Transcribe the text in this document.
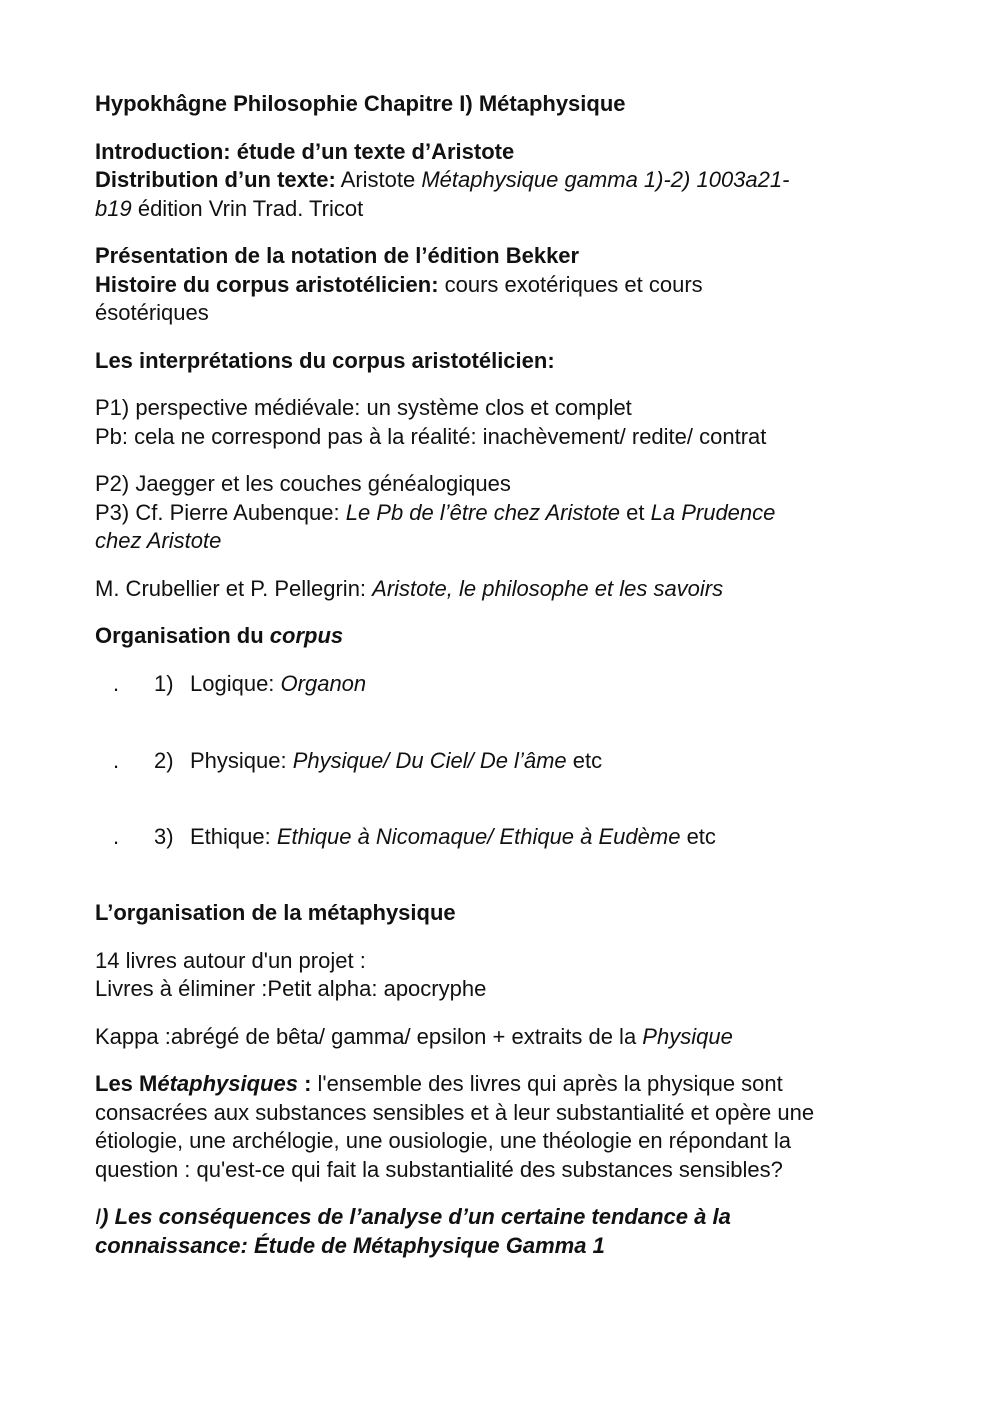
Hypokhâgne Philosophie Chapitre I) Métaphysique

Introduction: étude d’un texte d’Aristote

Distribution d’un texte: Aristote Métaphysique gamma 1)-2) 1003a21-

b19 édition Vrin Trad. Tricot

Présentation de la notation de l’édition Bekker

Histoire du corpus aristotélicien: cours exotériques et cours

ésotériques

Les interprétations du corpus aristotélicien:

P1) perspective médiévale: un système clos et complet

Pb: cela ne correspond pas à la réalité: inachèvement/ redite/ contrat

P2) Jaegger et les couches généalogiques

P3) Cf. Pierre Aubenque: Le Pb de l’être chez Aristote et La Prudence

chez Aristote

M. Crubellier et P. Pellegrin: Aristote, le philosophe et les savoirs

Organisation du corpus

. 1) Logique: Organon
. 2) Physique: Physique/ Du Ciel/ De l’âme etc
. 3) Ethique: Ethique à Nicomaque/ Ethique à Eudème etc

L’organisation de la métaphysique

14 livres autour d'un projet :

Livres à éliminer :Petit alpha: apocryphe

Kappa :abrégé de bêta/ gamma/ epsilon + extraits de la Physique

Les Métaphysiques : l'ensemble des livres qui après la physique sont

consacrées aux substances sensibles et à leur substantialité et opère une

étiologie, une archélogie, une ousiologie, une théologie en répondant la

question : qu'est-ce qui fait la substantialité des substances sensibles?

I) Les conséquences de l’analyse d’un certaine tendance à la

connaissance: Étude de Métaphysique Gamma 1
